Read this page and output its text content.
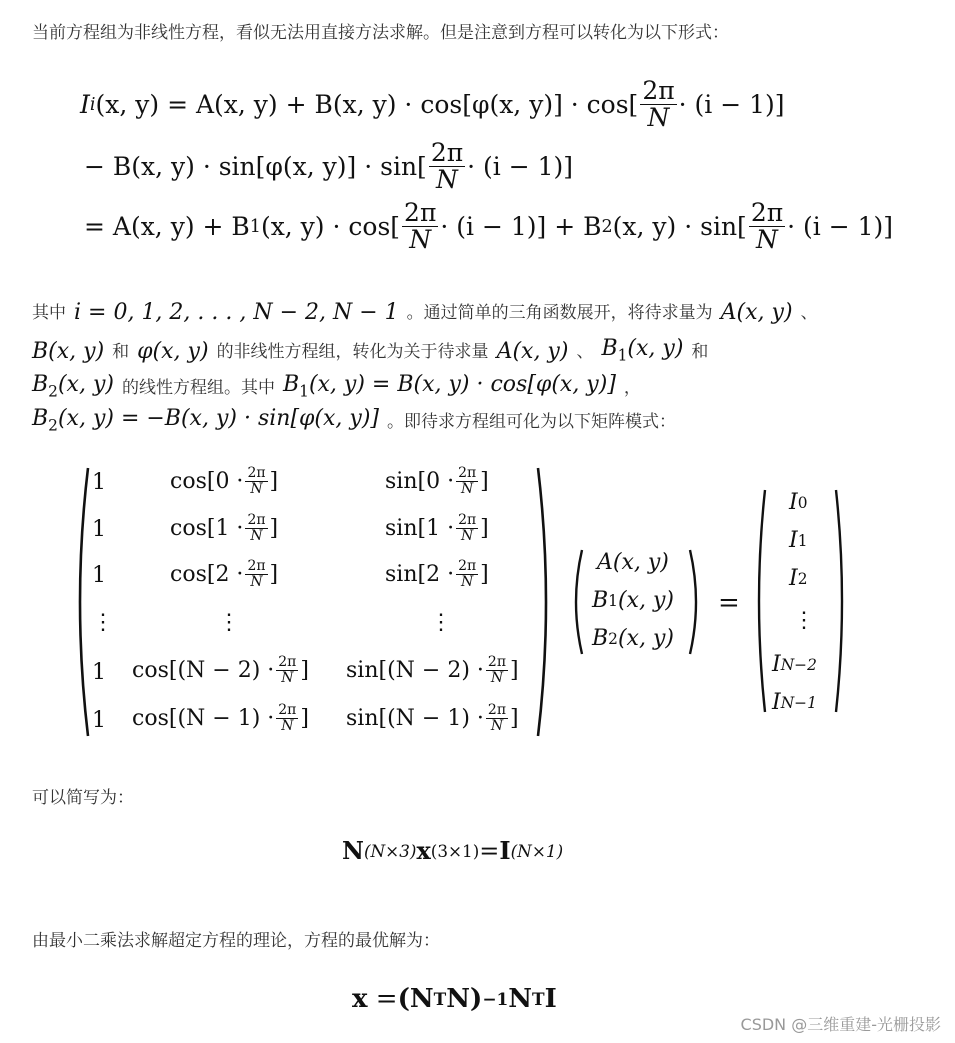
当前方程组为非线性方程，看似无法用直接方法求解。但是注意到方程可以转化为以下形式：
I i (x, y) = A(x, y) + B(x, y) · cos[φ(x, $y)] \cdot \cos[ \frac{2\pi}{N} \cdot (i - 1)]$
− B(x, y) · sin[φ(x, $y)] \cdot \sin[ \frac{2\pi}{N} \cdot (i - 1)]$
= A(x, y) + B 1 (x, $y) \cdot \cos[ \frac{2\pi}{N} \cdot (i - 1)] + B$ 2 (x, $y) \cdot \sin[ \frac{2\pi}{N} \cdot (i - 1)]$
其中 i = 0, 1, 2, . . . , N − 2, N − 1 。通过简单的三角函数展开，将待求量为 A(x, y) 、
B(x, y) 和 φ(x, y) 的非线性方程组，转化为关于待求量 A(x, y) 、 $B_1(x$, y) 和
$B_2(x$, y) 的线性方程组。其中 $B_1(x$, y) = B(x, y) · cos[φ(x, y)] ，
$B_2(x$, y) = −B(x, y) · sin[φ(x, y)] 。即待求方程组可化为以下矩阵模式：
1	$\cos[0 \cdot \frac{2\pi}{N}$ ]	$\sin[0 \cdot \frac{2\pi}{N}$ ]
1	$\cos[1 \cdot \frac{2\pi}{N}$ ]	$\sin[1 \cdot \frac{2\pi}{N}$ ]
1	$\cos[2 \cdot \frac{2\pi}{N}$ ]	$\sin[2 \cdot \frac{2\pi}{N}$ ]
⋮	⋮	⋮
1 $\cos[(N - 2) \cdot \frac{2\pi}{N}$ ] $\sin[(N - 2) \cdot \frac{2\pi}{N}$ ]
1 $\cos[(N - 1) \cdot \frac{2\pi}{N}$ ] $\sin[(N - 1) \cdot \frac{2\pi}{N}$ ]
A(x, y)
B 1 (x, y)
B 2 (x, y)
=
I 0
I 1
I 2
⋮
I N−2
I N−1
可以简写为：
N (N×3) x (3×1) = I (N×1)
由最小二乘法求解超定方程的理论，方程的最优解为：
x
= (N T N) −1 N T I
CSDN @三维重建-光栅投影
